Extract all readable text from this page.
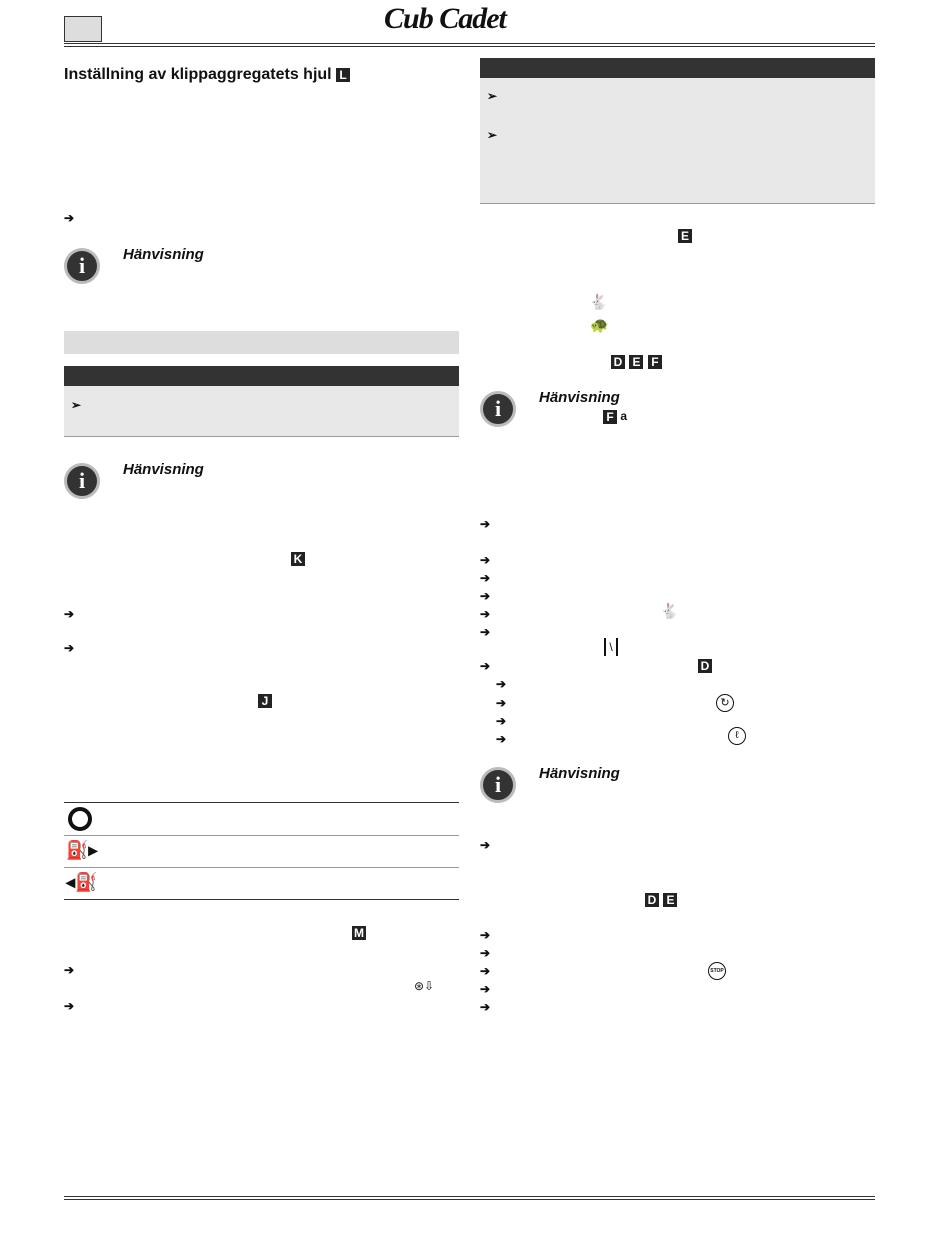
Cub Cadet
Inställning av klippaggregatets hjul L
➔
i	Hänvisning
➢
i	Hänvisning
K
➔
➔
J
⛽▸
◂⛽
M
➔
⊛⇩
➔
➢
➢
E
🐇
🐢
D E F
i	Hänvisning
F a
➔
➔
➔
➔
➔	🐇
➔
\
➔	D
➔
↻
➔
➔
➔	ℓ
i	Hänvisning
➔
D E
➔
➔
➔	STOP
➔
➔
